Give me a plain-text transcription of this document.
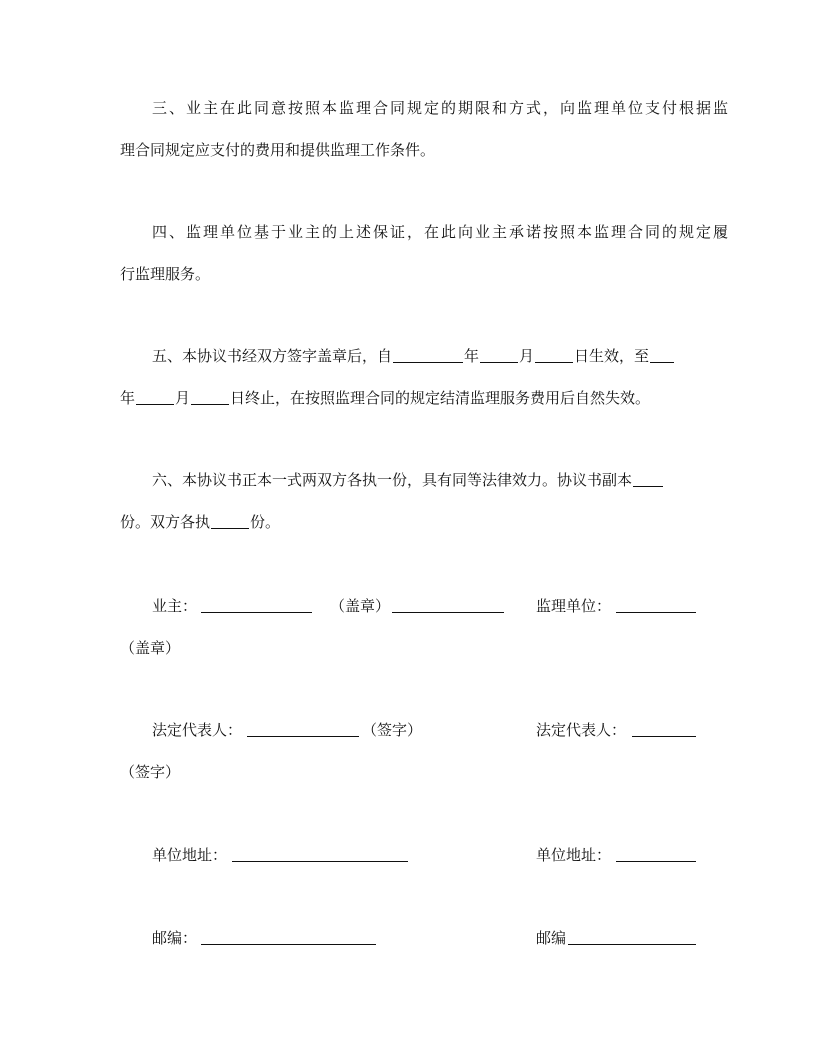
三、业主在此同意按照本监理合同规定的期限和方式，向监理单位支付根据监
理合同规定应支付的费用和提供监理工作条件。
四、监理单位基于业主的上述保证，在此向业主承诺按照本监理合同的规定履
行监理服务。
五、本协议书经双方签字盖章后，自	年	月	日生效，至
年	月	日终止，在按照监理合同的规定结清监理服务费用后自然失效。
六、本协议书正本一式两双方各执一份，具有同等法律效力。协议书副本
份。双方各执	份。
业主：	（盖章）	监理单位：
（盖章）
法定代表人：	（签字）	法定代表人：
（签字）
单位地址：	单位地址：
邮编：	邮编
